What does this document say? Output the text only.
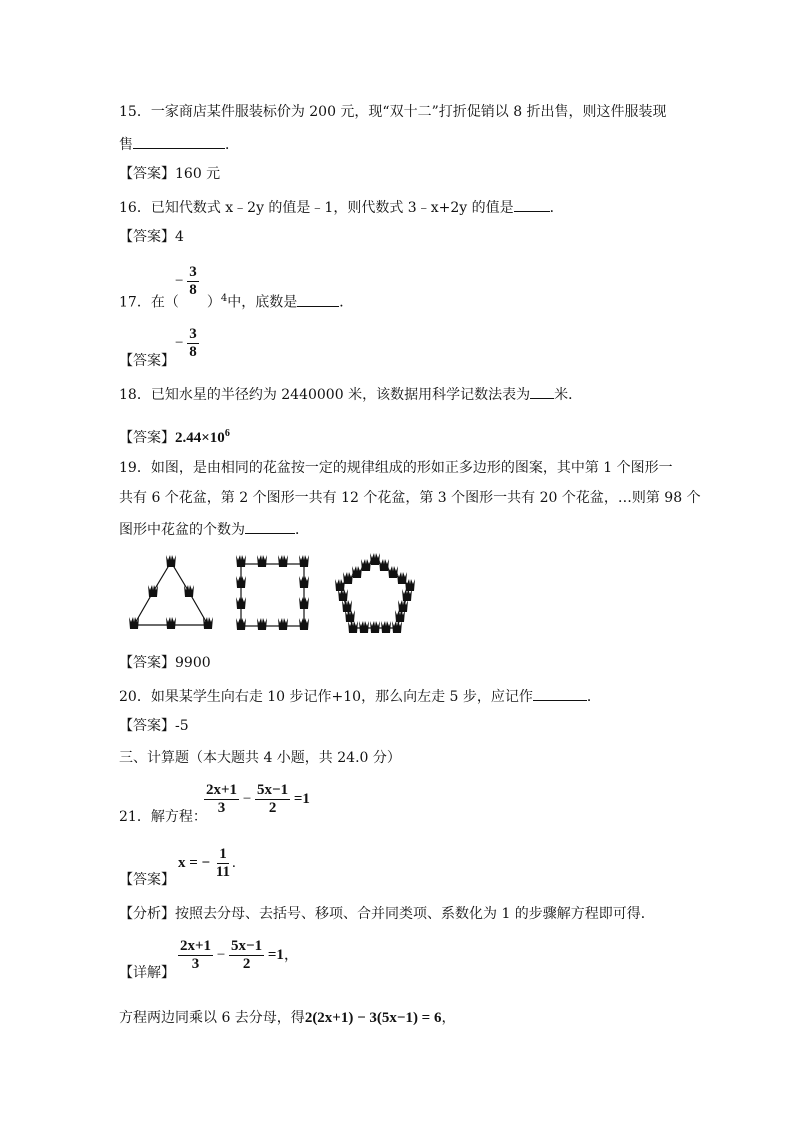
15．一家商店某件服装标价为 200 元，现“双十二”打折促销以 8 折出售，则这件服装现
售	．
【答案】160 元
16．已知代数式 x﹣2y 的值是﹣1，则代数式 3﹣x+2y 的值是	．
【答案】4
17．在（ ）$^4$中，底数是	．
− $\frac{3}{8}$
【答案】
− $\frac{3}{8}$
18．已知水星的半径约为 2440000 米，该数据用科学记数法表为 米．
【答案】$2.44\times 10^6$
19．如图，是由相同的花盆按一定的规律组成的形如正多边形的图案，其中第 1 个图形一
共有 6 个花盆，第 2 个图形一共有 12 个花盆，第 3 个图形一共有 20 个花盆，…则第 98 个
图形中花盆的个数为	．
【答案】9900
20．如果某学生向右走 10 步记作+10，那么向左走 5 步，应记作	．
【答案】-5
三、计算题（本大题共 4 小题，共 24.0 分）
21．解方程：
$\frac{2x+1}{3} - \frac{5x-1}{2} =1$
【答案】
x = − $\frac{1}{11}$ .
【分析】按照去分母、去括号、移项、合并同类项、系数化为 1 的步骤解方程即可得．
【详解】 $\frac{2x+1}{3} - \frac{5x-1}{2} =1$，
方程两边同乘以 6 去分母，得2(2x+1) − 3(5x−1) = 6，
